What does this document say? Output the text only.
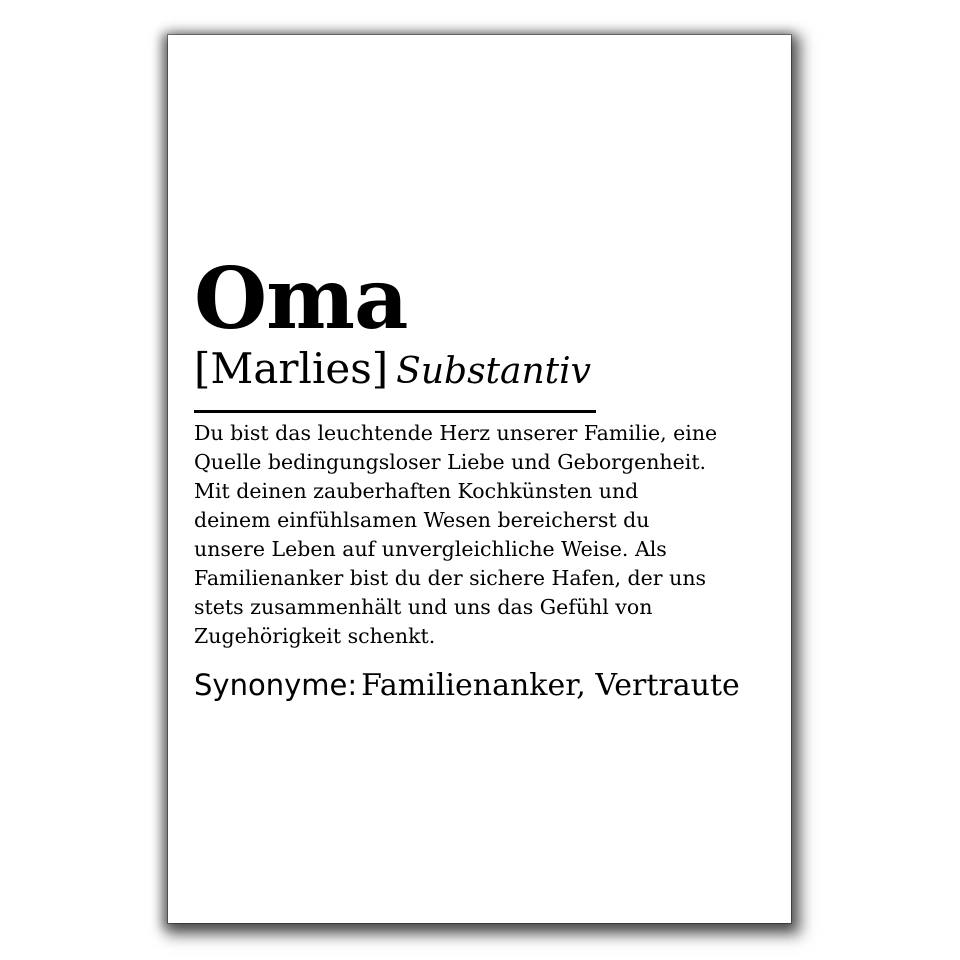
Oma
[Marlies] Substantiv
Du bist das leuchtende Herz unserer Familie, eine
Quelle bedingungsloser Liebe und Geborgenheit.
Mit deinen zauberhaften Kochkünsten und
deinem einfühlsamen Wesen bereicherst du
unsere Leben auf unvergleichliche Weise. Als
Familienanker bist du der sichere Hafen, der uns
stets zusammenhält und uns das Gefühl von
Zugehörigkeit schenkt.
Synonyme: Familienanker, Vertraute
